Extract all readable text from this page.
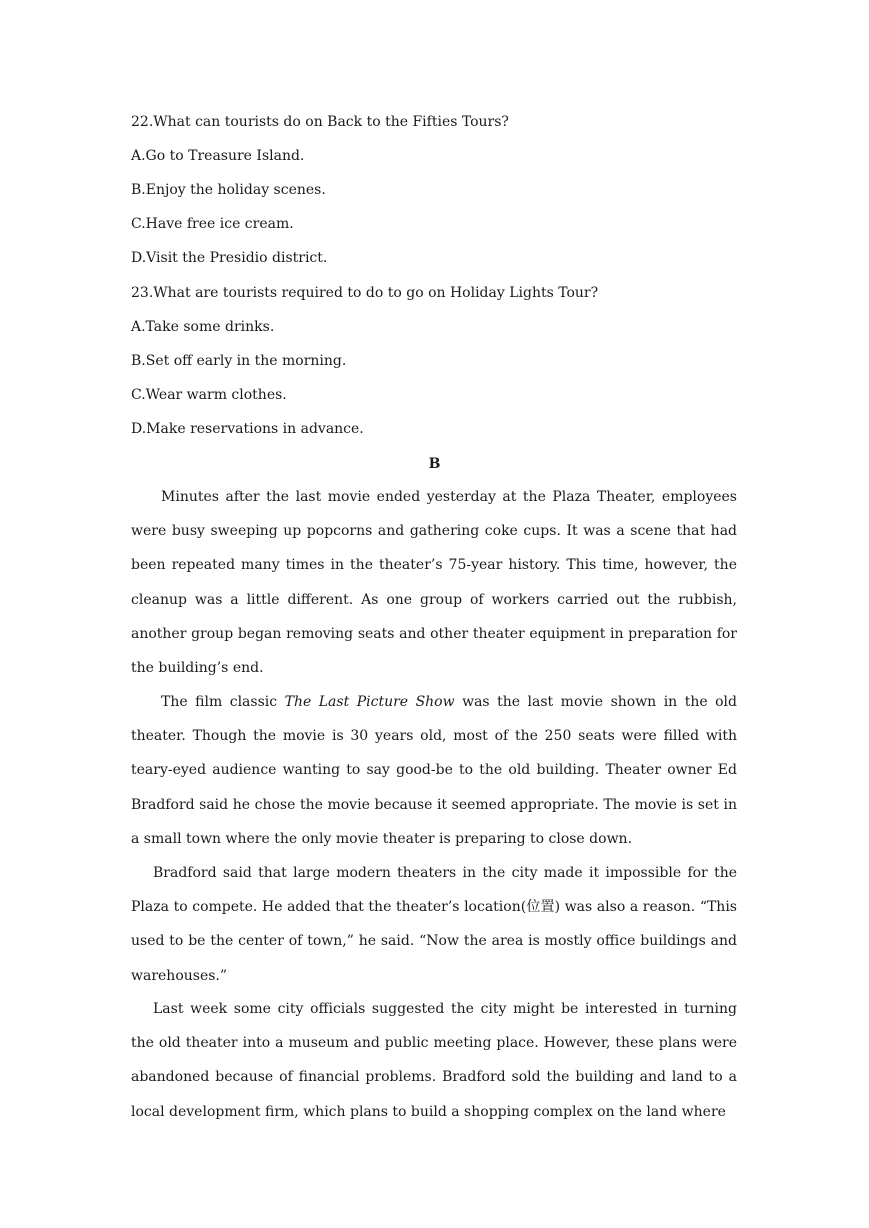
22.What can tourists do on Back to the Fifties Tours?
A.Go to Treasure Island.
B.Enjoy the holiday scenes.
C.Have free ice cream.
D.Visit the Presidio district.
23.What are tourists required to do to go on Holiday Lights Tour?
A.Take some drinks.
B.Set off early in the morning.
C.Wear warm clothes.
D.Make reservations in advance.
B
Minutes after the last movie ended yesterday at the Plaza Theater, employees were busy sweeping up popcorns and gathering coke cups. It was a scene that had been repeated many times in the theater’s 75-year history. This time, however, the cleanup was a little different. As one group of workers carried out the rubbish, another group began removing seats and other theater equipment in preparation for the building’s end.
The film classic The Last Picture Show was the last movie shown in the old theater. Though the movie is 30 years old, most of the 250 seats were filled with teary-eyed audience wanting to say good-be to the old building. Theater owner Ed Bradford said he chose the movie because it seemed appropriate. The movie is set in a small town where the only movie theater is preparing to close down.
Bradford said that large modern theaters in the city made it impossible for the Plaza to compete. He added that the theater’s location(位置) was also a reason. “This used to be the center of town,” he said. “Now the area is mostly office buildings and warehouses.”
Last week some city officials suggested the city might be interested in turning the old theater into a museum and public meeting place. However, these plans were abandoned because of financial problems. Bradford sold the building and land to a local development firm, which plans to build a shopping complex on the land where
